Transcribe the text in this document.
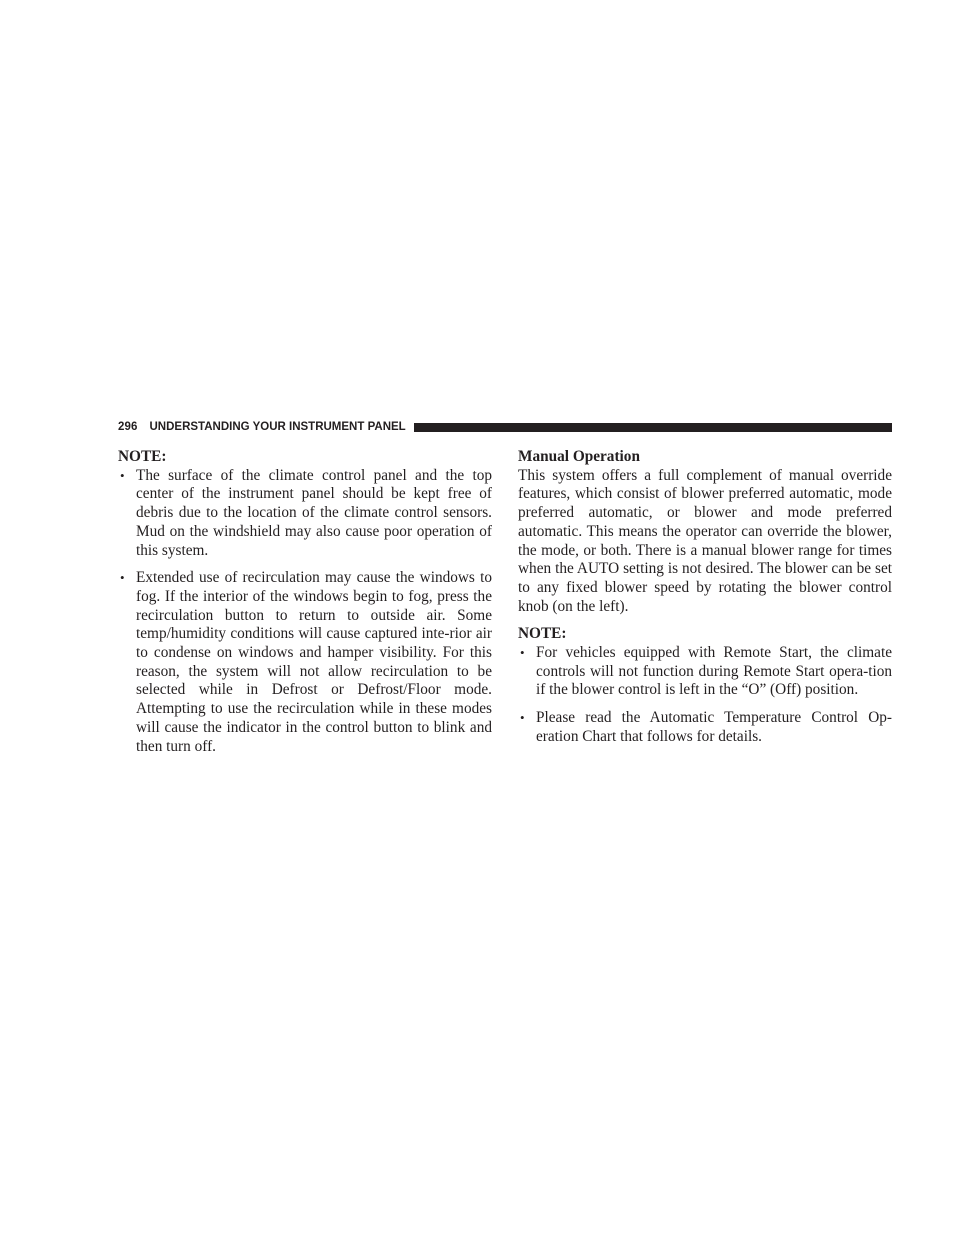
296 UNDERSTANDING YOUR INSTRUMENT PANEL
NOTE:
• The surface of the climate control panel and the top center of the instrument panel should be kept free of debris due to the location of the climate control sensors. Mud on the windshield may also cause poor operation of this system.
• Extended use of recirculation may cause the windows to fog. If the interior of the windows begin to fog, press the recirculation button to return to outside air. Some temp/humidity conditions will cause captured inte-rior air to condense on windows and hamper visibility. For this reason, the system will not allow recirculation to be selected while in Defrost or Defrost/Floor mode. Attempting to use the recirculation while in these modes will cause the indicator in the control button to blink and then turn off.
Manual Operation

This system offers a full complement of manual override features, which consist of blower preferred automatic, mode preferred automatic, or blower and mode preferred automatic. This means the operator can override the blower, the mode, or both. There is a manual blower range for times when the AUTO setting is not desired. The blower can be set to any fixed blower speed by rotating the blower control knob (on the left).

NOTE:
• For vehicles equipped with Remote Start, the climate controls will not function during Remote Start opera-tion if the blower control is left in the “O” (Off) position.
• Please read the Automatic Temperature Control Op-eration Chart that follows for details.
